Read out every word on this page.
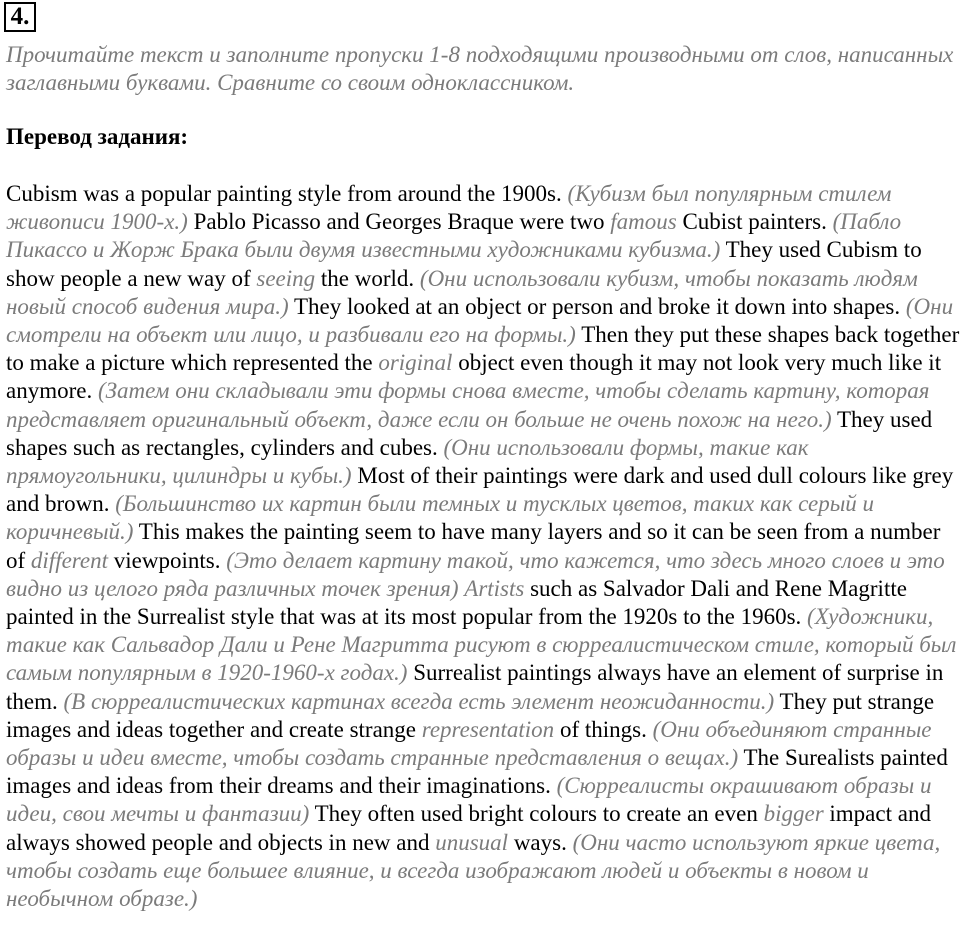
4.
Прочитайте текст и заполните пропуски 1-8 подходящими производными от слов, написанных заглавными буквами. Сравните со своим одноклассником.
Перевод задания:
Cubism was a popular painting style from around the 1900s. (Кубизм был популярным стилем живописи 1900-х.) Pablo Picasso and Georges Braque were two famous Cubist painters. (Пабло Пикассо и Жорж Брака были двумя известными художниками кубизма.) They used Cubism to show people a new way of seeing the world. (Они использовали кубизм, чтобы показать людям новый способ видения мира.) They looked at an object or person and broke it down into shapes. (Они смотрели на объект или лицо, и разбивали его на формы.) Then they put these shapes back together to make a picture which represented the original object even though it may not look very much like it anymore. (Затем они складывали эти формы снова вместе, чтобы сделать картину, которая представляет оригинальный объект, даже если он больше не очень похож на него.) They used shapes such as rectangles, cylinders and cubes. (Они использовали формы, такие как прямоугольники, цилиндры и кубы.) Most of their paintings were dark and used dull colours like grey and brown. (Большинство их картин были темных и тусклых цветов, таких как серый и коричневый.) This makes the painting seem to have many layers and so it can be seen from a number of different viewpoints. (Это делает картину такой, что кажется, что здесь много слоев и это видно из целого ряда различных точек зрения) Artists such as Salvador Dali and Rene Magritte painted in the Surrealist style that was at its most popular from the 1920s to the 1960s. (Художники, такие как Сальвадор Дали и Рене Магритта рисуют в сюрреалистическом стиле, который был самым популярным в 1920-1960-х годах.) Surrealist paintings always have an element of surprise in them. (В сюрреалистических картинах всегда есть элемент неожиданности.) They put strange images and ideas together and create strange representation of things. (Они объединяют странные образы и идеи вместе, чтобы создать странные представления о вещах.) The Surealists painted images and ideas from their dreams and their imaginations. (Сюрреалисты окрашивают образы и идеи, свои мечты и фантазии) They often used bright colours to create an even bigger impact and always showed people and objects in new and unusual ways. (Они часто используют яркие цвета, чтобы создать еще большее влияние, и всегда изображают людей и объекты в новом и необычном образе.)
